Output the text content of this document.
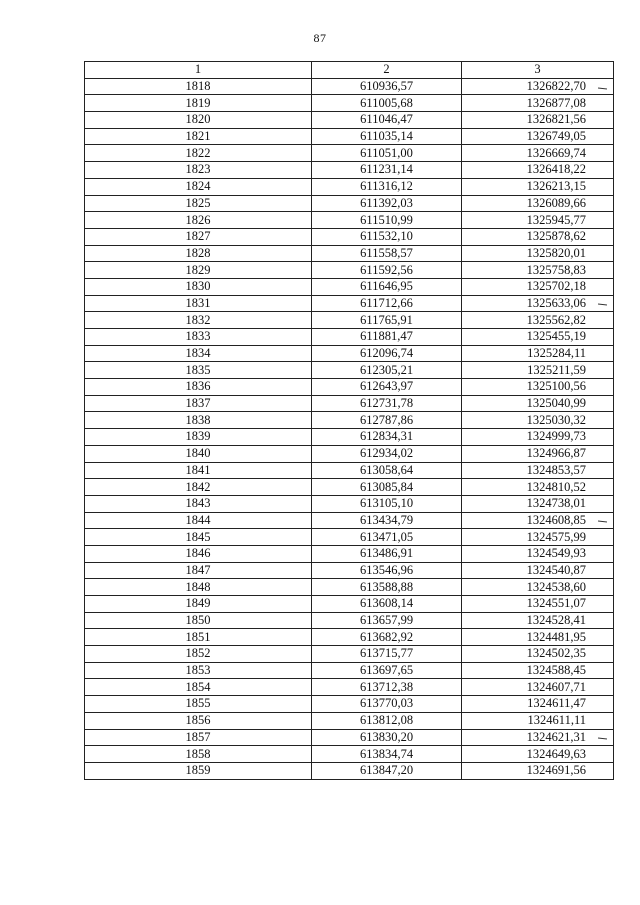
87
1	2	3
1818	610936,57	1326822,70

1819	611005,68	1326877,08
1820	611046,47	1326821,56
1821	611035,14	1326749,05
1822	611051,00	1326669,74
1823	611231,14	1326418,22
1824	611316,12	1326213,15
1825	611392,03	1326089,66
1826	611510,99	1325945,77
1827	611532,10	1325878,62
1828	611558,57	1325820,01
1829	611592,56	1325758,83
1830	611646,95	1325702,18
1831	611712,66	1325633,06

1832	611765,91	1325562,82
1833	611881,47	1325455,19
1834	612096,74	1325284,11
1835	612305,21	1325211,59
1836	612643,97	1325100,56
1837	612731,78	1325040,99
1838	612787,86	1325030,32
1839	612834,31	1324999,73
1840	612934,02	1324966,87
1841	613058,64	1324853,57
1842	613085,84	1324810,52
1843	613105,10	1324738,01
1844	613434,79	1324608,85

1845	613471,05	1324575,99
1846	613486,91	1324549,93
1847	613546,96	1324540,87
1848	613588,88	1324538,60
1849	613608,14	1324551,07
1850	613657,99	1324528,41
1851	613682,92	1324481,95
1852	613715,77	1324502,35
1853	613697,65	1324588,45
1854	613712,38	1324607,71
1855	613770,03	1324611,47
1856	613812,08	1324611,11
1857	613830,20	1324621,31

1858	613834,74	1324649,63
1859	613847,20	1324691,56
